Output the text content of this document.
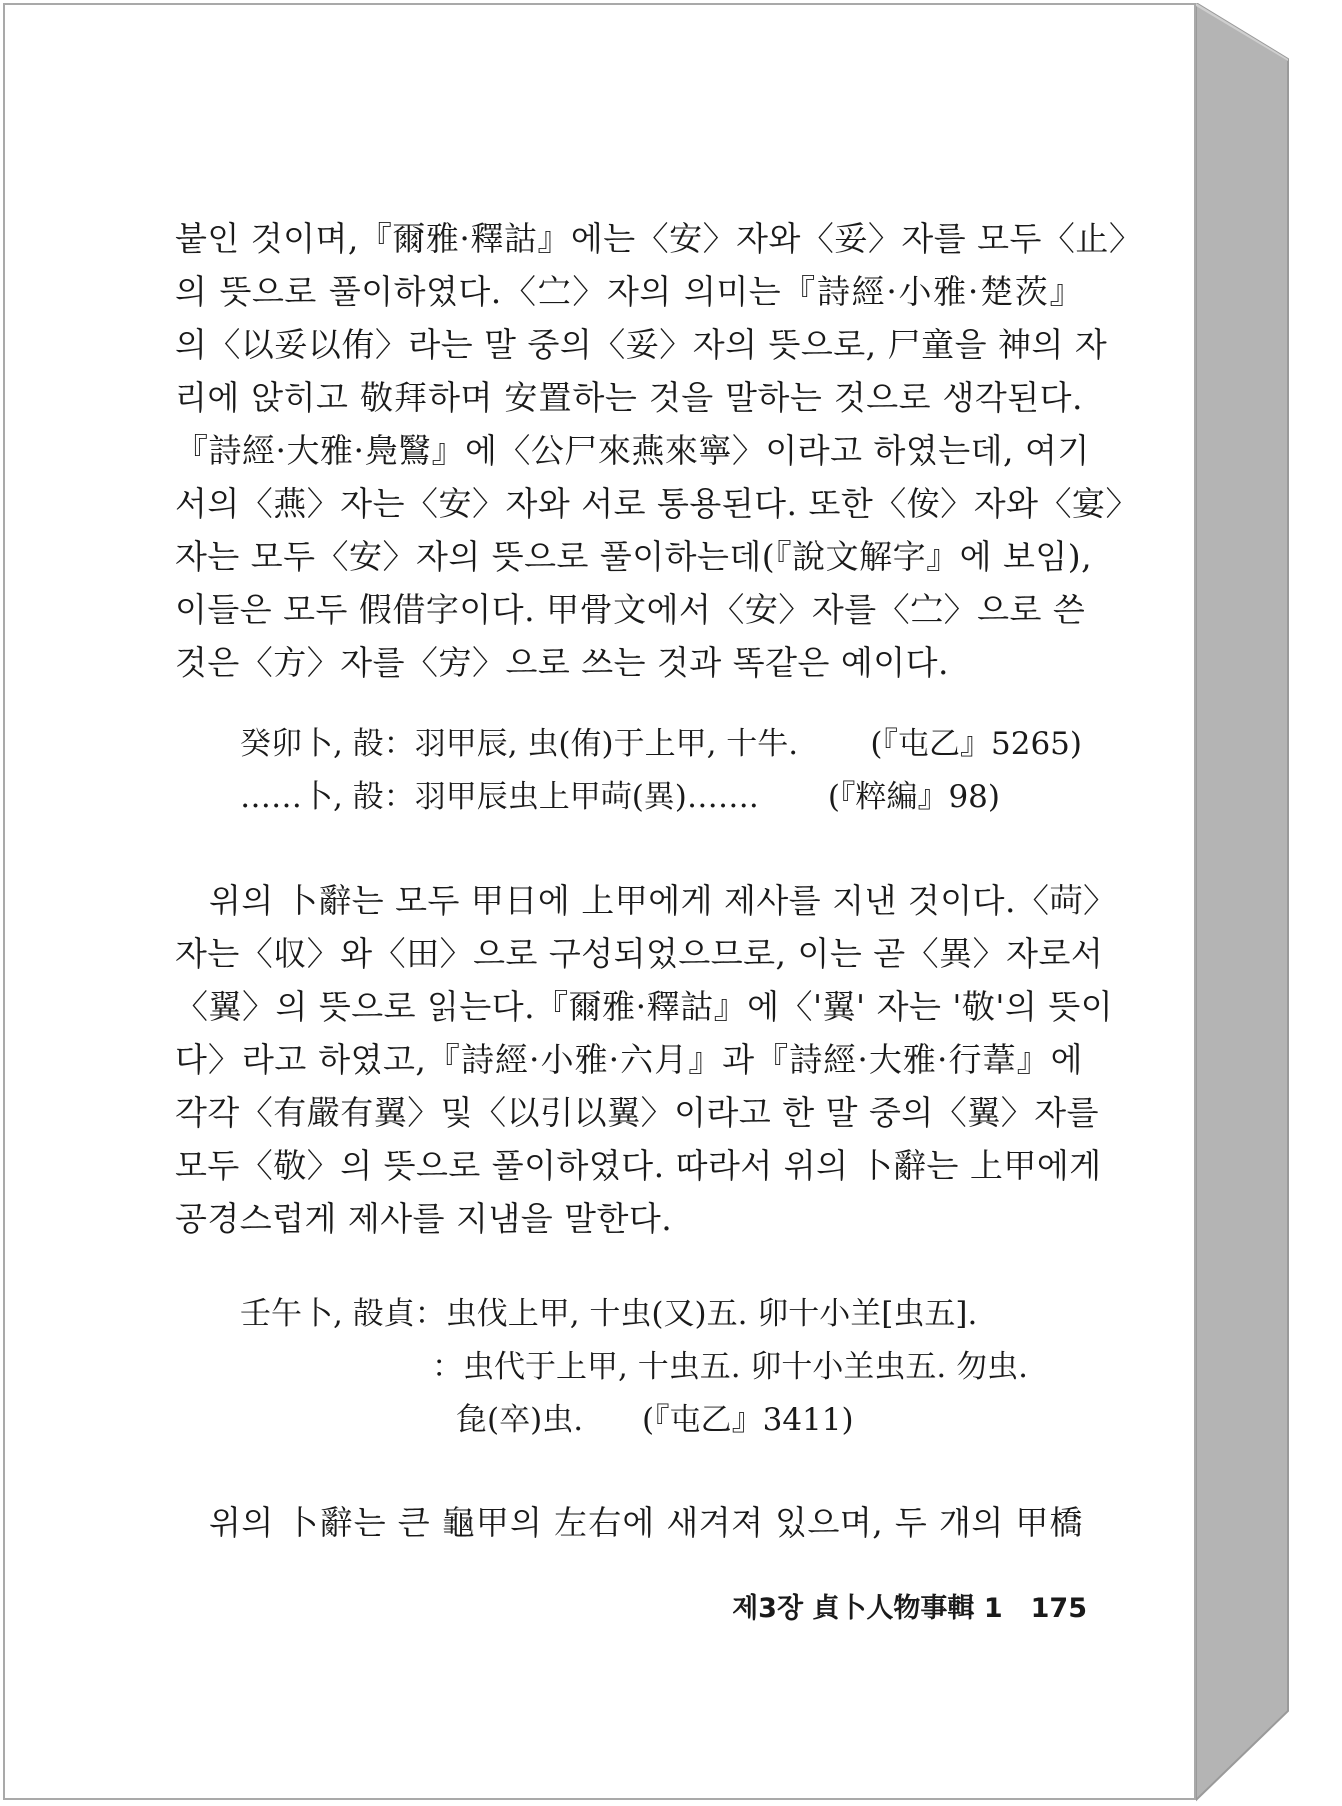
붙인 것이며,『爾雅·釋詁』에는〈安〉자와〈妥〉자를 모두〈止〉
의 뜻으로 풀이하였다.〈㝉〉자의 의미는『詩經·小雅·楚茨』
의〈以妥以侑〉라는 말 중의〈妥〉자의 뜻으로, 尸童을 神의 자
리에 앉히고 敬拜하며 安置하는 것을 말하는 것으로 생각된다.
『詩經·大雅·鳧鷖』에〈公尸來燕來寧〉이라고 하였는데, 여기
서의〈燕〉자는〈安〉자와 서로 통용된다. 또한〈侒〉자와〈宴〉
자는 모두〈安〉자의 뜻으로 풀이하는데(『說文解字』에 보임),
이들은 모두 假借字이다. 甲骨文에서〈安〉자를〈㝉〉으로 쓴
것은〈方〉자를〈㝑〉으로 쓰는 것과 똑같은 예이다.
癸卯卜, 㱿：羽甲辰, 虫(侑)于上甲, 十牛. (『屯乙』5265)
……卜, 㱿：羽甲辰虫上甲𦱕(異)……. (『粹編』98)
위의 卜辭는 모두 甲日에 上甲에게 제사를 지낸 것이다.〈𦱕〉
자는〈収〉와〈田〉으로 구성되었으므로, 이는 곧〈異〉자로서
〈翼〉의 뜻으로 읽는다.『爾雅·釋詁』에〈'翼' 자는 '敬'의 뜻이
다〉라고 하였고,『詩經·小雅·六月』과『詩經·大雅·行葦』에
각각〈有嚴有翼〉및〈以引以翼〉이라고 한 말 중의〈翼〉자를
모두〈敬〉의 뜻으로 풀이하였다. 따라서 위의 卜辭는 上甲에게
공경스럽게 제사를 지냄을 말한다.
壬午卜, 㱿貞：虫伐上甲, 十虫(又)五. 卯十小𦍌[虫五].
：虫代于上甲, 十虫五. 卯十小𦍌虫五. 勿虫.
㲋(卒)虫. (『屯乙』3411)
위의 卜辭는 큰 龜甲의 左右에 새겨져 있으며, 두 개의 甲橋
제3장 貞卜人物事輯 1 175
